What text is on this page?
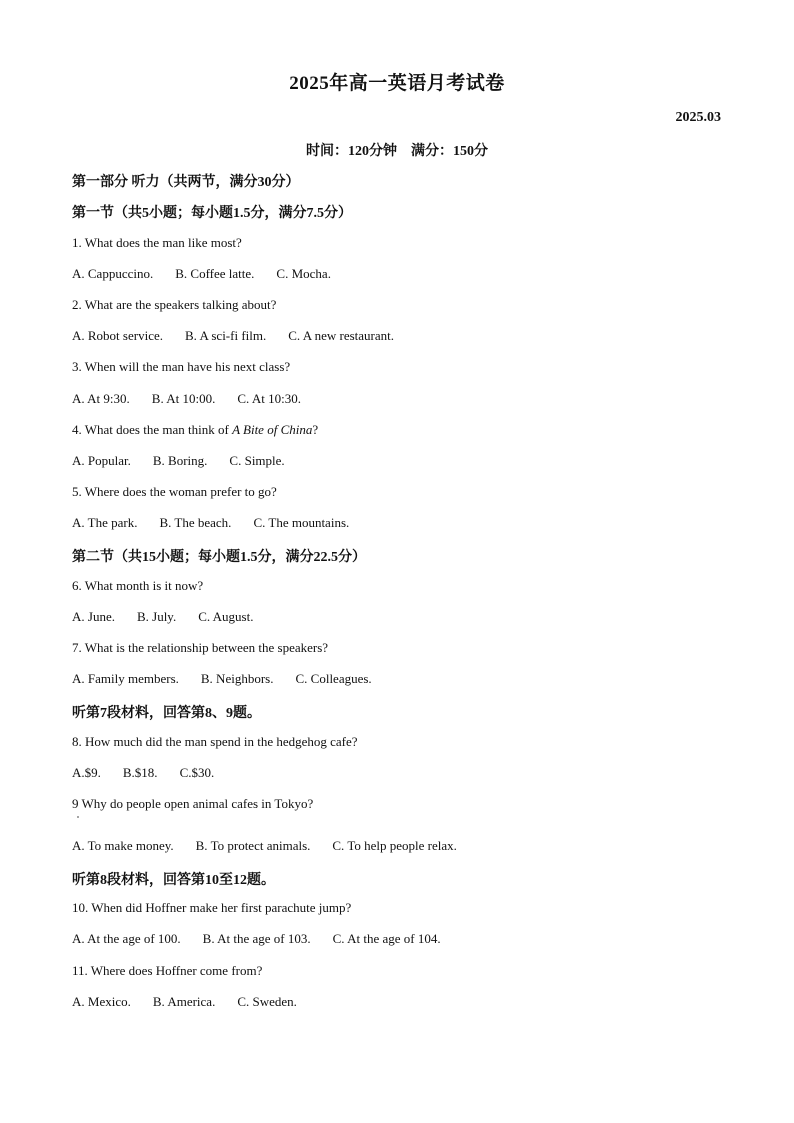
2025年高一英语月考试卷
2025.03
时间：120分钟 满分：150分
第一部分 听力（共两节，满分30分）
第一节（共5小题；每小题1.5分，满分7.5分）
1. What does the man like most?
A. Cappuccino. B. Coffee latte. C. Mocha.
2. What are the speakers talking about?
A. Robot service. B. A sci-fi film. C. A new restaurant.
3. When will the man have his next class?
A. At 9:30. B. At 10:00. C. At 10:30.
4. What does the man think of A Bite of China?
A. Popular. B. Boring. C. Simple.
5. Where does the woman prefer to go?
A. The park. B. The beach. C. The mountains.
第二节（共15小题；每小题1.5分，满分22.5分）
6. What month is it now?
A. June. B. July. C. August.
7. What is the relationship between the speakers?
A. Family members. B. Neighbors. C. Colleagues.
听第7段材料，回答第8、9题。
8. How much did the man spend in the hedgehog cafe?
A.$9. B.$18. C.$30.
9 Why do people open animal cafes in Tokyo?
A. To make money. B. To protect animals. C. To help people relax.
听第8段材料，回答第10至12题。
10. When did Hoffner make her first parachute jump?
A. At the age of 100. B. At the age of 103. C. At the age of 104.
11. Where does Hoffner come from?
A. Mexico. B. America. C. Sweden.
